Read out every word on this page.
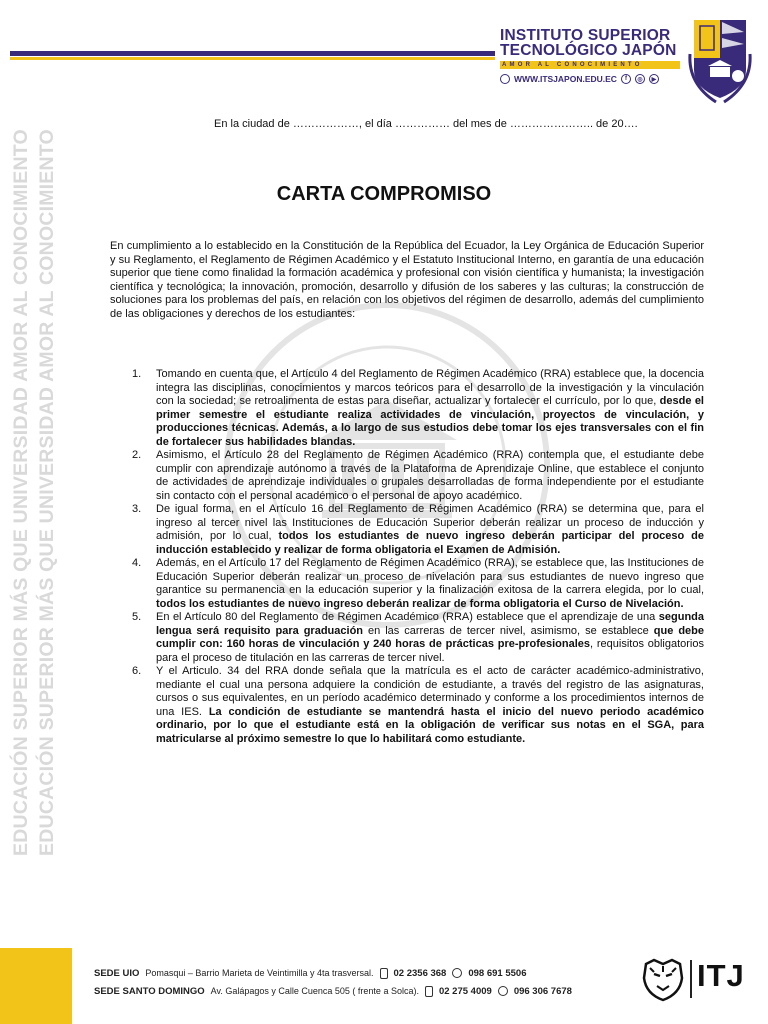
INSTITUTO SUPERIOR
TECNOLÓGICO JAPÓN
AMOR AL CONOCIMIENTO
WWW.ITSJAPON.EDU.EC	f	◎	▶
EDUCACIÓN SUPERIOR MÁS QUE UNIVERSIDAD AMOR AL CONOCIMIENTO EDUCACIÓN SUPERIOR MÁS QUE UNIVERSIDAD AMOR AL CONOCIMIENTO
En la ciudad de ………………, el día …………… del mes de ………………….. de 20….
CARTA COMPROMISO

En cumplimiento a lo establecido en la Constitución de la República del Ecuador, la Ley Orgánica de Educación Superior y su Reglamento, el Reglamento de Régimen Académico y el Estatuto Institucional Interno, en garantía de una educación superior que tiene como finalidad la formación académica y profesional con visión científica y humanista; la investigación científica y tecnológica; la innovación, promoción, desarrollo y difusión de los saberes y las culturas; la construcción de soluciones para los problemas del país, en relación con los objetivos del régimen de desarrollo, además del cumplimiento de las obligaciones y derechos de los estudiantes:

1. Tomando en cuenta que, el Artículo 4 del Reglamento de Régimen Académico (RRA) establece que, la docencia integra las disciplinas, conocimientos y marcos teóricos para el desarrollo de la investigación y la vinculación con la sociedad; se retroalimenta de estas para diseñar, actualizar y fortalecer el currículo, por lo que, desde el primer semestre el estudiante realiza actividades de vinculación, proyectos de vinculación, y producciones técnicas. Además, a lo largo de sus estudios debe tomar los ejes transversales con el fin de fortalecer sus habilidades blandas.
2. Asimismo, el Artículo 28 del Reglamento de Régimen Académico (RRA) contempla que, el estudiante debe cumplir con aprendizaje autónomo a través de la Plataforma de Aprendizaje Online, que establece el conjunto de actividades de aprendizaje individuales o grupales desarrolladas de forma independiente por el estudiante sin contacto con el personal académico o el personal de apoyo académico.
3. De igual forma, en el Artículo 16 del Reglamento de Régimen Académico (RRA) se determina que, para el ingreso al tercer nivel las Instituciones de Educación Superior deberán realizar un proceso de inducción y admisión, por lo cual, todos los estudiantes de nuevo ingreso deberán participar del proceso de inducción establecido y realizar de forma obligatoria el Examen de Admisión.
4. Además, en el Artículo 17 del Reglamento de Régimen Académico (RRA), se establece que, las Instituciones de Educación Superior deberán realizar un proceso de nivelación para sus estudiantes de nuevo ingreso que garantice su permanencia en la educación superior y la finalización exitosa de la carrera elegida, por lo cual, todos los estudiantes de nuevo ingreso deberán realizar de forma obligatoria el Curso de Nivelación.
5. En el Artículo 80 del Reglamento de Régimen Académico (RRA) establece que el aprendizaje de una segunda lengua será requisito para graduación en las carreras de tercer nivel, asimismo, se establece que debe cumplir con: 160 horas de vinculación y 240 horas de prácticas pre-profesionales, requisitos obligatorios para el proceso de titulación en las carreras de tercer nivel.
6. Y el Articulo. 34 del RRA donde señala que la matrícula es el acto de carácter académico-administrativo, mediante el cual una persona adquiere la condición de estudiante, a través del registro de las asignaturas, cursos o sus equivalentes, en un período académico determinado y conforme a los procedimientos internos de una IES. La condición de estudiante se mantendrá hasta el inicio del nuevo periodo académico ordinario, por lo que el estudiante está en la obligación de verificar sus notas en el SGA, para matricularse al próximo semestre lo que lo habilitará como estudiante.
SEDE UIO Pomasqui – Barrio Marieta de Veintimilla y 4ta trasversal. 02 2356 368 098 691 5506
SEDE SANTO DOMINGO Av. Galápagos y Calle Cuenca 505 ( frente a Solca). 02 275 4009 096 306 7678	ITJ
